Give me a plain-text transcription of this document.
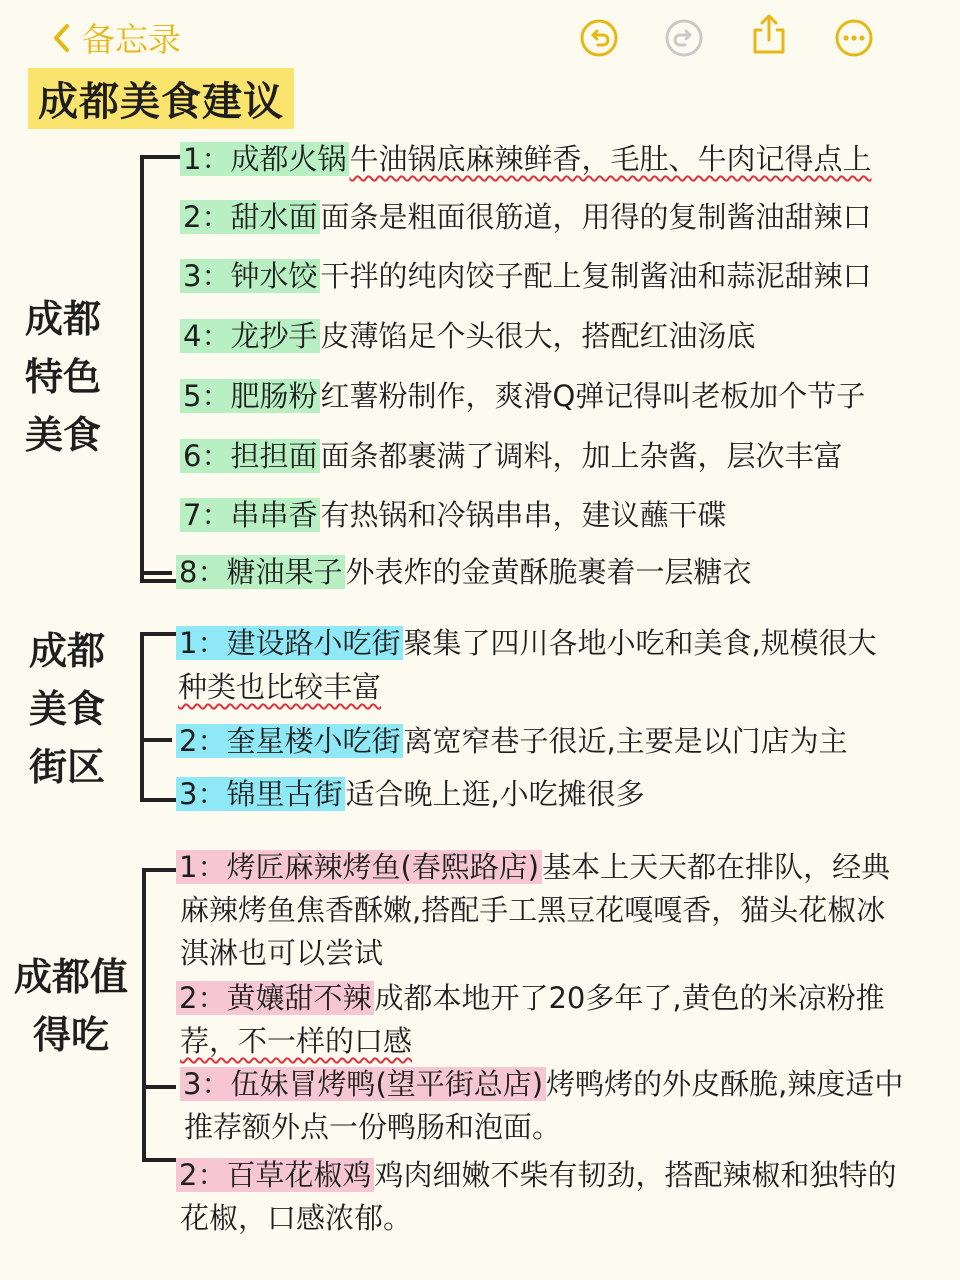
备忘录
成都美食建议
成都特色美食
1：成都火锅 牛油锅底麻辣鲜香，毛肚、牛肉记得点上
2：甜水面 面条是粗面很筋道，用得的复制酱油甜辣口
3：钟水饺 干拌的纯肉饺子配上复制酱油和蒜泥甜辣口
4：龙抄手 皮薄馅足个头很大，搭配红油汤底
5：肥肠粉 红薯粉制作，爽滑Q弹记得叫老板加个节子
6：担担面 面条都裹满了调料，加上杂酱，层次丰富
7：串串香 有热锅和冷锅串串，建议蘸干碟
8：糖油果子 外表炸的金黄酥脆裹着一层糖衣
成都美食街区
1：建设路小吃街 聚集了四川各地小吃和美食,规模很大
种类也比较丰富
2：奎星楼小吃街 离宽窄巷子很近,主要是以门店为主
3：锦里古街 适合晚上逛,小吃摊很多
成都值得吃
1：烤匠麻辣烤鱼(春熙路店) 基本上天天都在排队，经典
麻辣烤鱼焦香酥嫩,搭配手工黑豆花嘎嘎香，猫头花椒冰
淇淋也可以尝试
2：黄孃甜不辣 成都本地开了20多年了,黄色的米凉粉推
荐，不一样的口感
3：伍妹冒烤鸭(望平街总店) 烤鸭烤的外皮酥脆,辣度适中
推荐额外点一份鸭肠和泡面。
2：百草花椒鸡 鸡肉细嫩不柴有韧劲，搭配辣椒和独特的
花椒，口感浓郁。
